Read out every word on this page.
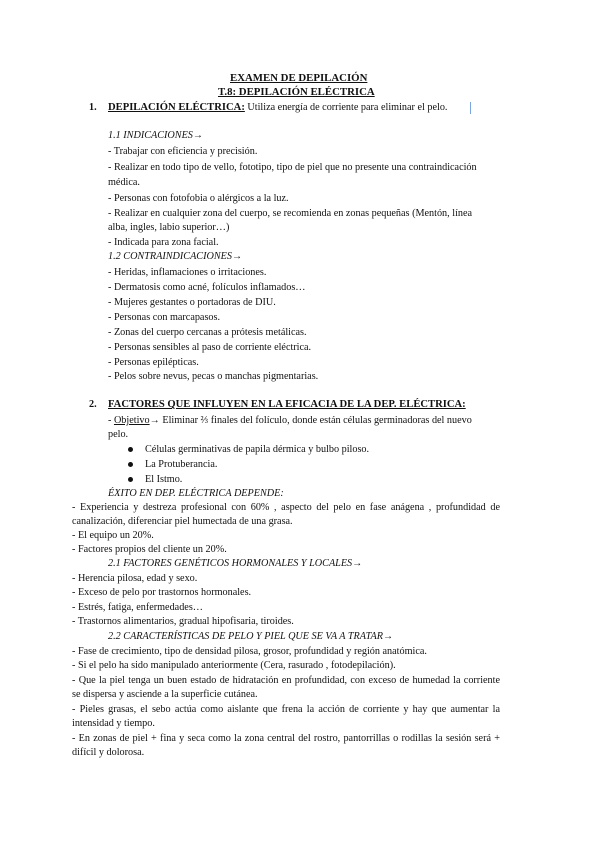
EXAMEN DE DEPILACIÓN
T.8: DEPILACIÓN ELÉCTRICA
1. DEPILACIÓN ELÉCTRICA: Utiliza energía de corriente para eliminar el pelo.
1.1 INDICACIONES→
- Trabajar con eficiencia y precisión.
- Realizar en todo tipo de vello, fototipo, tipo de piel que no presente una contraindicación
médica.
- Personas con fotofobia o alérgicos a la luz.
- Realizar en cualquier zona del cuerpo, se recomienda en zonas pequeñas (Mentón, línea
alba, ingles, labio superior…)
- Indicada para zona facial.
1.2 CONTRAINDICACIONES→
- Heridas, inflamaciones o irritaciones.
- Dermatosis como acné, folículos inflamados…
- Mujeres gestantes o portadoras de DIU.
- Personas con marcapasos.
- Zonas del cuerpo cercanas a prótesis metálicas.
- Personas sensibles al paso de corriente eléctrica.
- Personas epilépticas.
- Pelos sobre nevus, pecas o manchas pigmentarias.
2. FACTORES QUE INFLUYEN EN LA EFICACIA DE LA DEP. ELÉCTRICA:
- Objetivo→ Eliminar ⅔ finales del folículo, donde están células germinadoras del nuevo
pelo.
Células germinativas de papila dérmica y bulbo piloso.
La Protuberancia.
El Istmo.
ÉXITO EN DEP. ELÉCTRICA DEPENDE:
- Experiencia y destreza profesional con 60% , aspecto del pelo en fase anágena , profundidad de
canalización, diferenciar piel humectada de una grasa.
- El equipo un 20%.
- Factores propios del cliente un 20%.
2.1 FACTORES GENÉTICOS HORMONALES Y LOCALES→
- Herencia pilosa, edad y sexo.
- Exceso de pelo por trastornos hormonales.
- Estrés, fatiga, enfermedades…
- Trastornos alimentarios, gradual hipofisaria, tiroides.
2.2 CARACTERÍSTICAS DE PELO Y PIEL QUE SE VA A TRATAR→
- Fase de crecimiento, tipo de densidad pilosa, grosor, profundidad y región anatómica.
- Si el pelo ha sido manipulado anteriormente (Cera, rasurado , fotodepilación).
- Que la piel tenga un buen estado de hidratación en profundidad, con exceso de humedad la corriente
se dispersa y asciende a la superficie cutánea.
- Pieles grasas, el sebo actúa como aislante que frena la acción de corriente y hay que aumentar la
intensidad y tiempo.
- En zonas de piel + fina y seca como la zona central del rostro, pantorrillas o rodillas la sesión será +
difícil y dolorosa.
